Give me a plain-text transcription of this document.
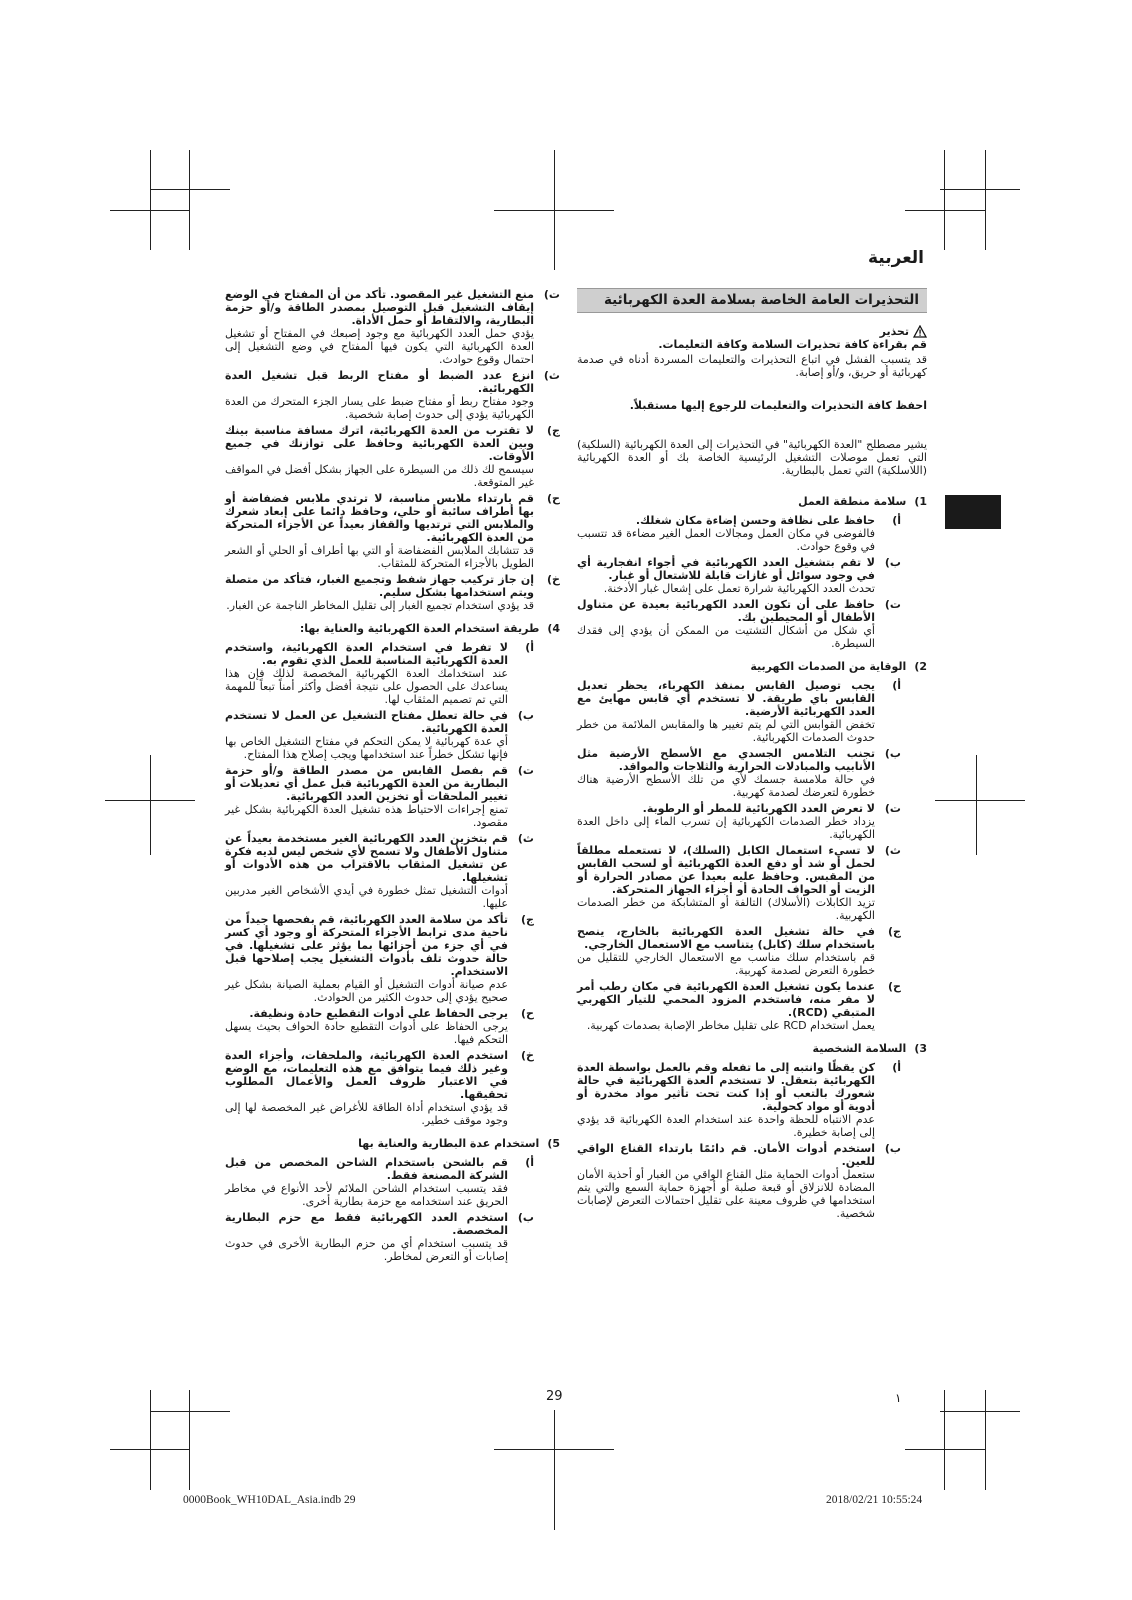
العربية
التحذيرات العامة الخاصة بسلامة العدة الكهربائية
تحذير

قم بقراءة كافة تحذيرات السلامة وكافة التعليمات.

قد يتسبب الفشل في اتباع التحذيرات والتعليمات المسردة أدناه في صدمة كهربائية أو حريق، و/أو إصابة.

احفظ كافة التحذيرات والتعليمات للرجوع إليها مستقبلاً.

يشير مصطلح "العدة الكهربائية" في التحذيرات إلى العدة الكهربائية (السلكية) التي تعمل موصلات التشغيل الرئيسية الخاصة بك أو العدة الكهربائية (اللاسلكية) التي تعمل بالبطارية.

1)
سلامة منطقة العمل
أ)
حافظ على نظافة وحسن إضاءة مكان شغلك.
فالفوضى في مكان العمل ومجالات العمل الغير مضاءة قد تتسبب في وقوع حوادث.
ب)
لا تقم بتشغيل العدد الكهربائية في أجواء انفجارية أي في وجود سوائل أو غازات قابلة للاشتعال أو غبار.
تحدث العدد الكهربائية شرارة تعمل على إشعال غبار الأدخنة.
ت)
حافظ على أن تكون العدد الكهربائية بعيدة عن متناول الأطفال أو المحيطين بك.
أي شكل من أشكال التشتيت من الممكن أن يؤدي إلى فقدك السيطرة.
2)
الوقاية من الصدمات الكهربية
أ)
يجب توصيل القابس بمنفذ الكهرباء، يحظر تعديل القابس باي طريقة. لا تستخدم أي قابس مهايئ مع العدد الكهربائية الأرضية.
تخفض القوابس التي لم يتم تغيير ها والمقابس الملائمة من خطر حدوث الصدمات الكهربائية.
ب)
تجنب التلامس الجسدي مع الأسطح الأرضية مثل الأنابيب والمبادلات الحرارية والثلاجات والمواقد.
في حالة ملامسة جسمك لأي من تلك الأسطح الأرضية هناك خطورة لتعرضك لصدمة كهربية.
ت)
لا تعرض العدد الكهربائية للمطر أو الرطوبة.
يزداد خطر الصدمات الكهربائية إن تسرب الماء إلى داخل العدة الكهربائية.
ث)
لا تسيء استعمال الكابل (السلك)، لا تستعمله مطلقاً لحمل أو شد أو دفع العدة الكهربائية أو لسحب القابس من المقبس. وحافظ عليه بعيدا عن مصادر الحرارة أو الزيت أو الحواف الحادة أو أجزاء الجهاز المتحركة.
تزيد الكابلات (الأسلاك) التالفة أو المتشابكة من خطر الصدمات الكهربية.
ج)
في حالة تشغيل العدة الكهربائية بالخارج، ينصح باستخدام سلك (كابل) يتناسب مع الاستعمال الخارجي.
قم باستخدام سلك مناسب مع الاستعمال الخارجي للتقليل من خطورة التعرض لصدمة كهربية.
ح)
عندما يكون تشغيل العدة الكهربائية في مكان رطب أمر لا مفر منه، فاستخدم المزود المحمي للتيار الكهربي المتبقي (RCD).
يعمل استخدام RCD على تقليل مخاطر الإصابة بصدمات كهربية.
3)
السلامة الشخصية
أ)
كن يقظًا وانتبه إلى ما تفعله وقم بالعمل بواسطة العدة الكهربائية بتعقل. لا تستخدم العدة الكهربائية في حالة شعورك بالتعب أو إذا كنت تحت تأثير مواد مخدرة أو أدوية أو مواد كحولية.
عدم الانتباه للحظة واحدة عند استخدام العدة الكهربائية قد يؤدي إلى إصابة خطيرة.
ب)
استخدم أدوات الأمان. قم دائمًا بارتداء القناع الواقي للعين.
ستعمل أدوات الحماية مثل القناع الواقي من الغبار أو أحذية الأمان المضادة للانزلاق أو قبعة صلبة أو أجهزة حماية السمع والتي يتم استخدامها في ظروف معينة على تقليل احتمالات التعرض لإصابات شخصية.
ت)
منع التشغيل غير المقصود. تأكد من أن المفتاح في الوضع إيقاف التشغيل قبل التوصيل بمصدر الطاقة و/أو حزمة البطارية، والالتقاط أو حمل الأداة.
يؤدي حمل العدد الكهربائية مع وجود إصبعك في المفتاح أو تشغيل العدة الكهربائية التي يكون فيها المفتاح في وضع التشغيل إلى احتمال وقوع حوادث.
ث)
انزع عدد الضبط أو مفتاح الربط قبل تشغيل العدة الكهربائية.
وجود مفتاح ربط أو مفتاح ضبط على يسار الجزء المتحرك من العدة الكهربائية يؤدي إلى حدوث إصابة شخصية.
ج)
لا تقترب من العدة الكهربائية، اترك مسافة مناسبة بينك وبين العدة الكهربائية وحافظ على توازنك في جميع الأوقات.
سيسمح لك ذلك من السيطرة على الجهاز بشكل أفضل في المواقف غير المتوقعة.
ح)
قم بارتداء ملابس مناسبة، لا ترتدي ملابس فضفاضة أو بها أطراف سائبة أو حلي، وحافظ دائما على إبعاد شعرك والملابس التي ترتديها والقفاز بعيداً عن الأجزاء المتحركة من العدة الكهربائية.
قد تتشابك الملابس الفضفاضة أو التي بها أطراف أو الحلي أو الشعر الطويل بالأجزاء المتحركة للمثقاب.
خ)
إن جاز تركيب جهاز شفط وتجميع الغبار، فتأكد من متصلة ويتم استخدامها بشكل سليم.
قد يؤدي استخدام تجميع الغبار إلى تقليل المخاطر الناجمة عن الغبار.
4)
طريقة استخدام العدة الكهربائية والعناية بها:
أ)
لا تفرط في استخدام العدة الكهربائية، واستخدم العدة الكهربائية المناسبة للعمل الذي تقوم به.
عند استخدامك العدة الكهربائية المخصصة لذلك فإن هذا يساعدك على الحصول على نتيجة أفضل وأكثر أمناً تبعاً للمهمة التي تم تصميم المثقاب لها.
ب)
في حالة تعطل مفتاح التشغيل عن العمل لا تستخدم العدة الكهربائية.
أي عدة كهربائية لا يمكن التحكم في مفتاح التشغيل الخاص بها فإنها تشكل خطراً عند استخدامها ويجب إصلاح هذا المفتاح.
ت)
قم بفصل القابس من مصدر الطاقة و/أو حزمة البطارية من العدة الكهربائية قبل عمل أي تعديلات أو تغيير الملحقات أو تخزين العدد الكهربائية.
تمنع إجراءات الاحتياط هذه تشغيل العدة الكهربائية بشكل غير مقصود.
ث)
قم بتخزين العدد الكهربائية الغير مستخدمة بعيداً عن متناول الأطفال ولا تسمح لأي شخص ليس لديه فكرة عن تشغيل المثقاب بالاقتراب من هذه الأدوات أو تشغيلها.
أدوات التشغيل تمثل خطورة في أيدي الأشخاص الغير مدربين عليها.
ج)
تأكد من سلامة العدد الكهربائية، قم بفحصها جيداً من ناحية مدى ترابط الأجزاء المتحركة أو وجود أي كسر في أي جزء من أجزائها بما يؤثر على تشغيلها. في حالة حدوث تلف بأدوات التشغيل يجب إصلاحها قبل الاستخدام.
عدم صيانة أدوات التشغيل أو القيام بعملية الصيانة بشكل غير صحيح يؤدي إلى حدوث الكثير من الحوادث.
ح)
يرجى الحفاظ على أدوات التقطيع حادة ونظيفة.
يرجى الحفاظ على أدوات التقطيع حادة الحواف بحيث يسهل التحكم فيها.
خ)
استخدم العدة الكهربائية، والملحقات، وأجزاء العدة وغير ذلك فيما يتوافق مع هذه التعليمات، مع الوضع في الاعتبار ظروف العمل والأعمال المطلوب تحقيقها.
قد يؤدي استخدام أداة الطاقة للأغراض غير المخصصة لها إلى وجود موقف خطير.
5)
استخدام عدة البطارية والعناية بها
أ)
قم بالشحن باستخدام الشاحن المخصص من قبل الشركة المصنعة فقط.
فقد يتسبب استخدام الشاحن الملائم لأحد الأنواع في مخاطر الحريق عند استخدامه مع حزمة بطارية أخرى.
ب)
استخدم العدد الكهربائية فقط مع حزم البطارية المخصصة.
قد يتسبب استخدام أي من حزم البطارية الأخرى في حدوث إصابات أو التعرض لمخاطر.
29	١
0000Book_WH10DAL_Asia.indb 29	2018/02/21 10:55:24
